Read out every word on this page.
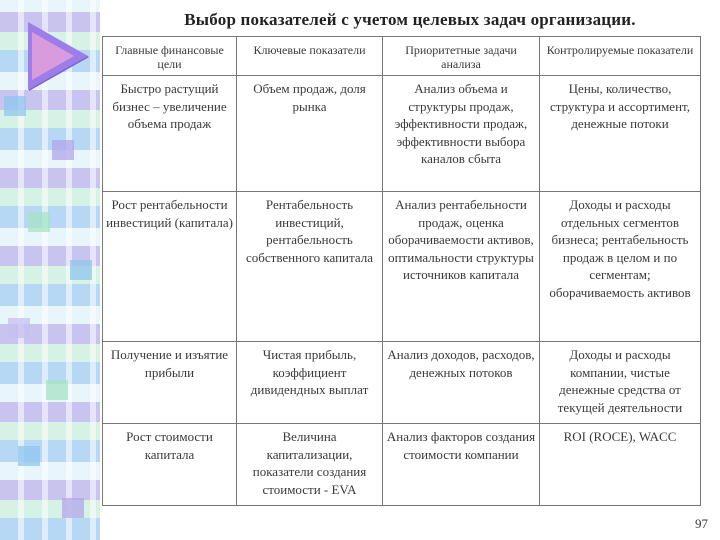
Выбор показателей с учетом целевых задач организации.
Главные финансовые цели	Ключевые показатели	Приоритетные задачи анализа	Контролируемые показатели
Быстро растущий бизнес – увеличение объема продаж	Объем продаж, доля рынка	Анализ объема и структуры продаж, эффективности продаж, эффективности выбора каналов сбыта	Цены, количество, структура и ассортимент, денежные потоки
Рост рентабельности инвестиций (капитала)	Рентабельность инвестиций, рентабельность собственного капитала	Анализ рентабельности продаж, оценка оборачиваемости активов, оптимальности структуры источников капитала	Доходы и расходы отдельных сегментов бизнеса; рентабельность продаж в целом и по сегментам; оборачиваемость активов
Получение и изъятие прибыли	Чистая прибыль, коэффициент дивидендных выплат	Анализ доходов, расходов, денежных потоков	Доходы и расходы компании, чистые денежные средства от текущей деятельности
Рост стоимости капитала	Величина капитализации, показатели создания стоимости - EVA	Анализ факторов создания стоимости компании	ROI (ROCE), WACC
97
